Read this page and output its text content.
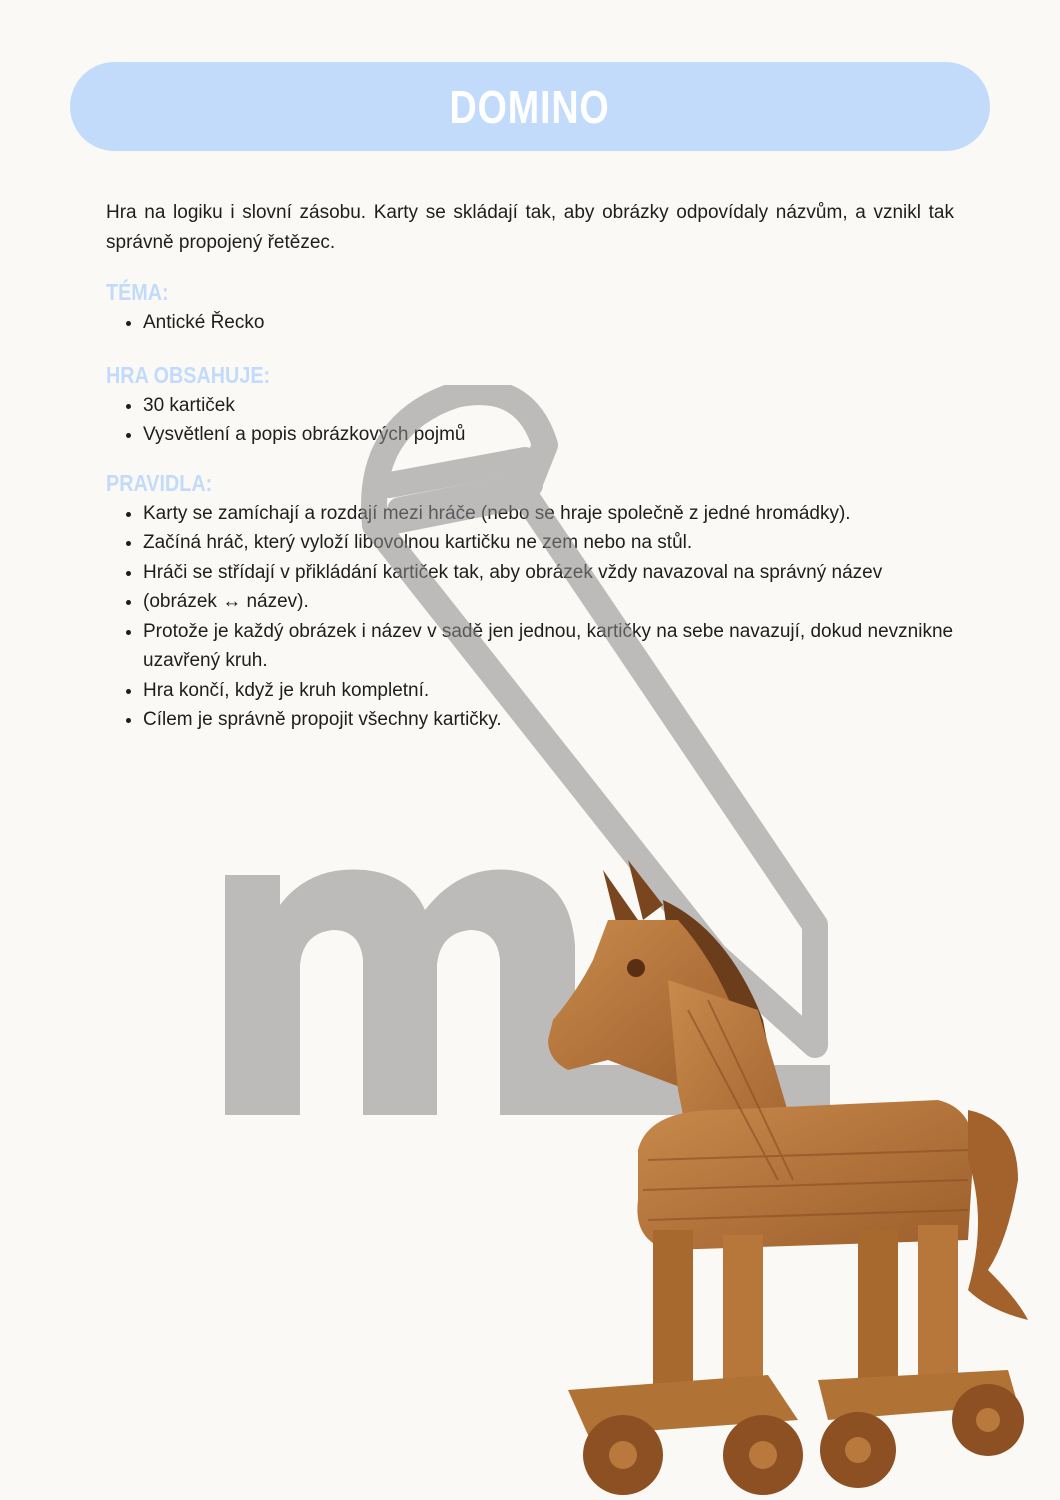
DOMINO

Hra na logiku i slovní zásobu. Karty se skládají tak, aby obrázky odpovídaly názvům, a vznikl tak správně propojený řetězec.

TÉMA:
• Antické Řecko
HRA OBSAHUJE:
• 30 kartiček
• Vysvětlení a popis obrázkových pojmů
PRAVIDLA:
• Karty se zamíchají a rozdají mezi hráče (nebo se hraje společně z jedné hromádky).
• Začíná hráč, který vyloží libovolnou kartičku ne zem nebo na stůl.
• Hráči se střídají v přikládání kartiček tak, aby obrázek vždy navazoval na správný název
• (obrázek ↔ název).
• Protože je každý obrázek i název v sadě jen jednou, kartičky na sebe navazují, dokud nevznikne uzavřený kruh.
• Hra končí, když je kruh kompletní.
• Cílem je správně propojit všechny kartičky.
